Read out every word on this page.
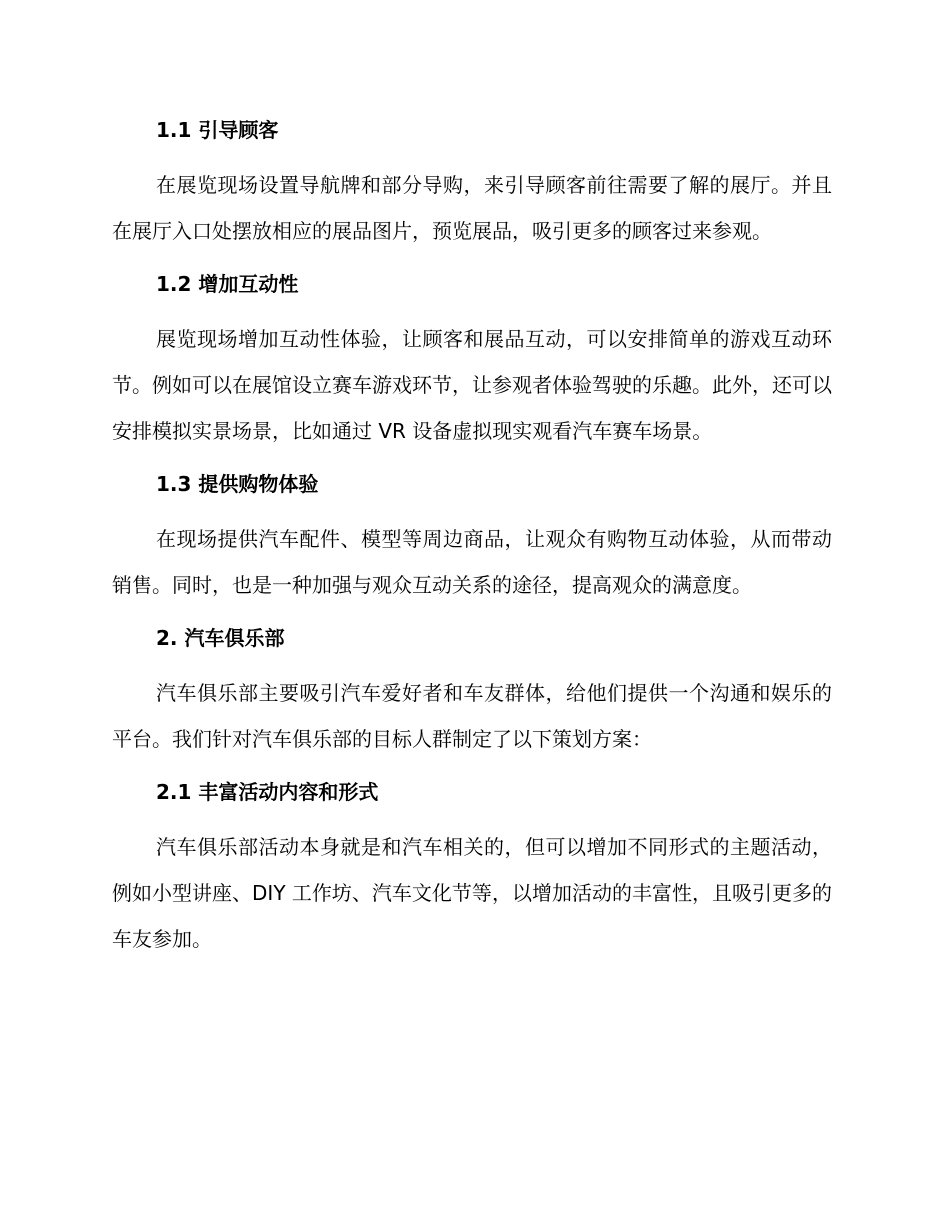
1.1 引导顾客

在展览现场设置导航牌和部分导购，来引导顾客前往需要了解的展厅。并且在展厅入口处摆放相应的展品图片，预览展品，吸引更多的顾客过来参观。

1.2 增加互动性

展览现场增加互动性体验，让顾客和展品互动，可以安排简单的游戏互动环节。例如可以在展馆设立赛车游戏环节，让参观者体验驾驶的乐趣。此外，还可以安排模拟实景场景，比如通过 VR 设备虚拟现实观看汽车赛车场景。

1.3 提供购物体验

在现场提供汽车配件、模型等周边商品，让观众有购物互动体验，从而带动销售。同时，也是一种加强与观众互动关系的途径，提高观众的满意度。

2. 汽车俱乐部

汽车俱乐部主要吸引汽车爱好者和车友群体，给他们提供一个沟通和娱乐的平台。我们针对汽车俱乐部的目标人群制定了以下策划方案：

2.1 丰富活动内容和形式

汽车俱乐部活动本身就是和汽车相关的，但可以增加不同形式的主题活动，例如小型讲座、DIY 工作坊、汽车文化节等，以增加活动的丰富性，且吸引更多的车友参加。
